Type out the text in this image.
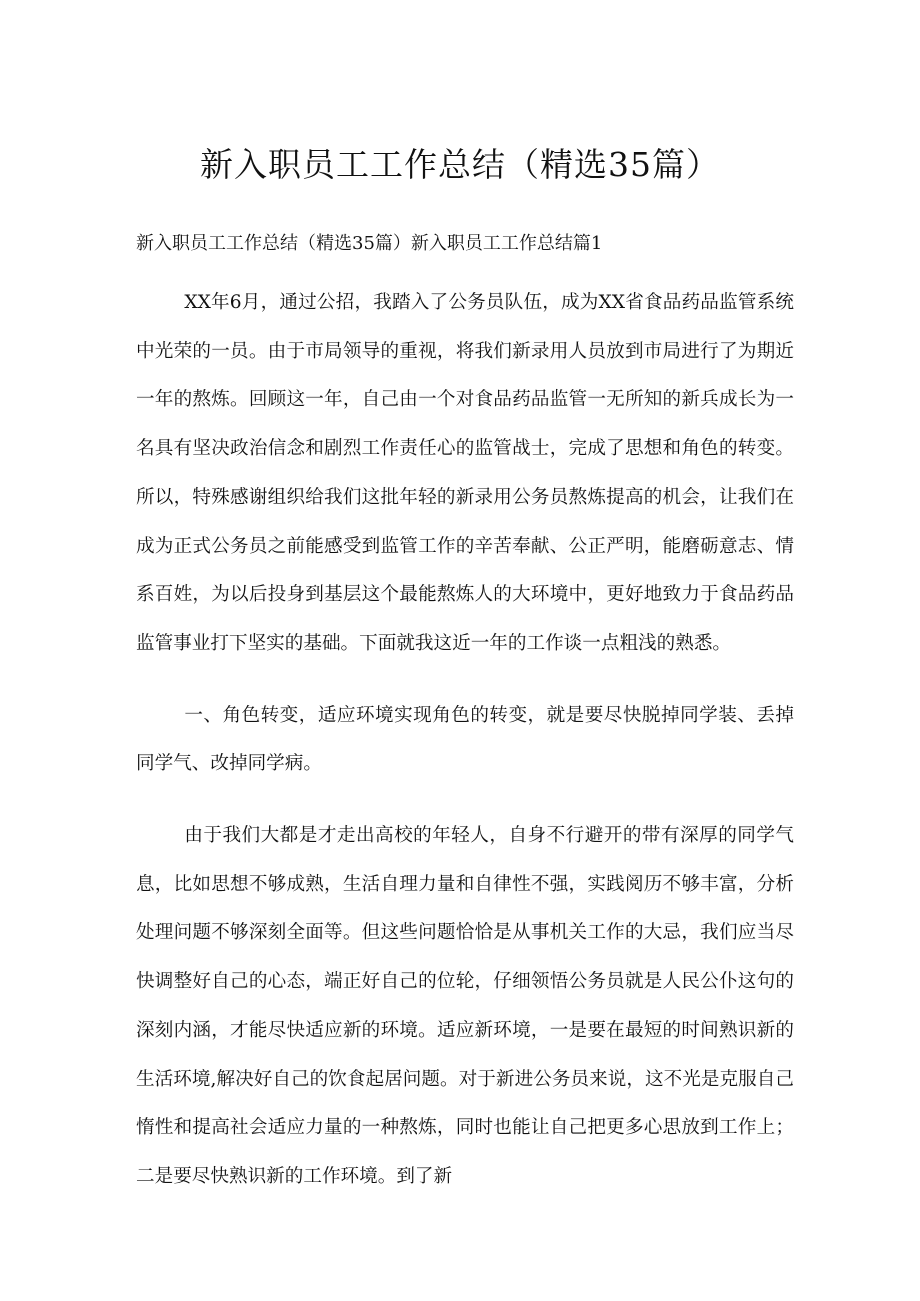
新入职员工工作总结（精选35篇）

新入职员工工作总结（精选35篇）新入职员工工作总结篇1

XX年6月，通过公招，我踏入了公务员队伍，成为XX省食品药品监管系统中光荣的一员。由于市局领导的重视，将我们新录用人员放到市局进行了为期近一年的熬炼。回顾这一年，自己由一个对食品药品监管一无所知的新兵成长为一名具有坚决政治信念和剧烈工作责任心的监管战士，完成了思想和角色的转变。所以，特殊感谢组织给我们这批年轻的新录用公务员熬炼提高的机会，让我们在成为正式公务员之前能感受到监管工作的辛苦奉献、公正严明，能磨砺意志、情系百姓，为以后投身到基层这个最能熬炼人的大环境中，更好地致力于食品药品监管事业打下坚实的基础。下面就我这近一年的工作谈一点粗浅的熟悉。

一、角色转变，适应环境实现角色的转变，就是要尽快脱掉同学装、丢掉同学气、改掉同学病。

由于我们大都是才走出高校的年轻人，自身不行避开的带有深厚的同学气息，比如思想不够成熟，生活自理力量和自律性不强，实践阅历不够丰富，分析处理问题不够深刻全面等。但这些问题恰恰是从事机关工作的大忌，我们应当尽快调整好自己的心态，端正好自己的位轮，仔细领悟公务员就是人民公仆这句的深刻内涵，才能尽快适应新的环境。适应新环境，一是要在最短的时间熟识新的生活环境,解决好自己的饮食起居问题。对于新进公务员来说，这不光是克服自己惰性和提高社会适应力量的一种熬炼，同时也能让自己把更多心思放到工作上；二是要尽快熟识新的工作环境。到了新
